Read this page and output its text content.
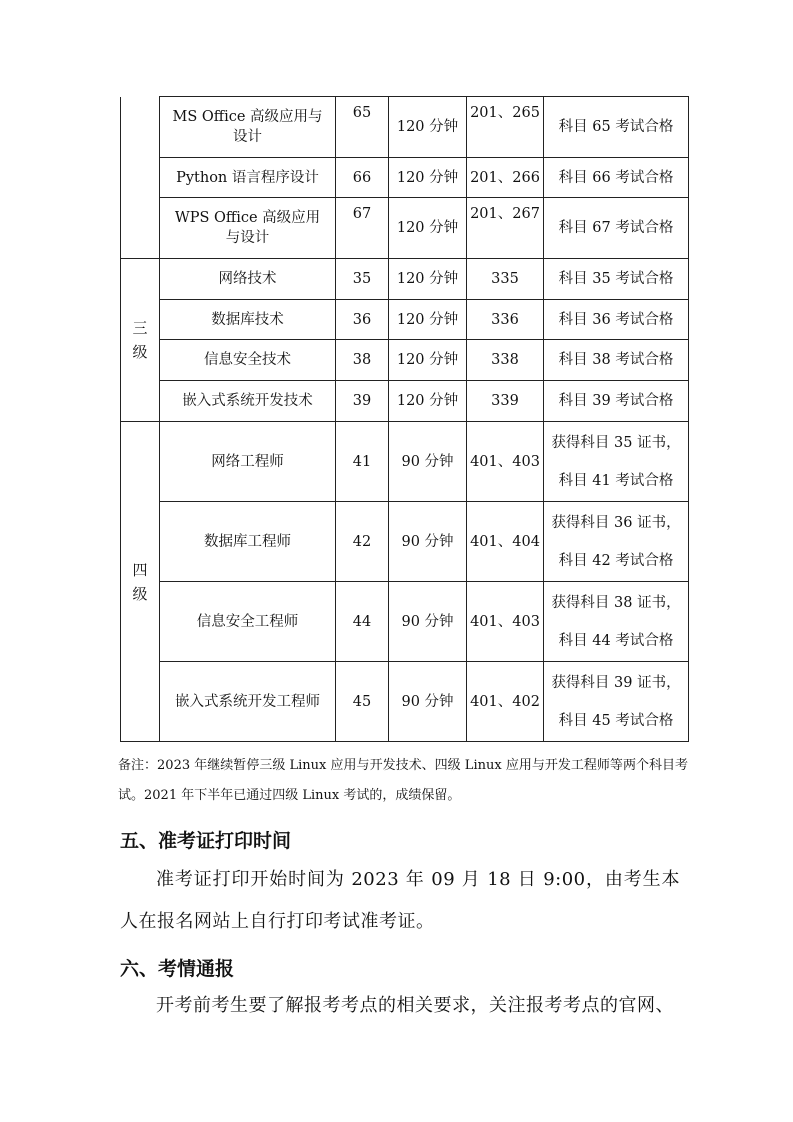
	MS Office 高级应用与设计	65	120 分钟	201、265	科目 65 考试合格
	Python 语言程序设计	66	120 分钟	201、266	科目 66 考试合格
	WPS Office 高级应用与设计	67	120 分钟	201、267	科目 67 考试合格
三级	网络技术	35	120 分钟	335	科目 35 考试合格
	数据库技术	36	120 分钟	336	科目 36 考试合格
	信息安全技术	38	120 分钟	338	科目 38 考试合格
	嵌入式系统开发技术	39	120 分钟	339	科目 39 考试合格
四级	网络工程师	41	90 分钟	401、403	获得科目 35 证书，
科目 41 考试合格

	数据库工程师	42	90 分钟	401、404	获得科目 36 证书，
科目 42 考试合格

	信息安全工程师	44	90 分钟	401、403	获得科目 38 证书，
科目 44 考试合格

	嵌入式系统开发工程师	45	90 分钟	401、402	获得科目 39 证书，
科目 45 考试合格
备注：2023 年继续暂停三级 Linux 应用与开发技术、四级 Linux 应用与开发工程师等两个科目考试。2021 年下半年已通过四级 Linux 考试的，成绩保留。
五、准考证打印时间
准考证打印开始时间为 2023 年 09 月 18 日 9:00，由考生本人在报名网站上自行打印考试准考证。
六、考情通报
开考前考生要了解报考考点的相关要求，关注报考考点的官网、
